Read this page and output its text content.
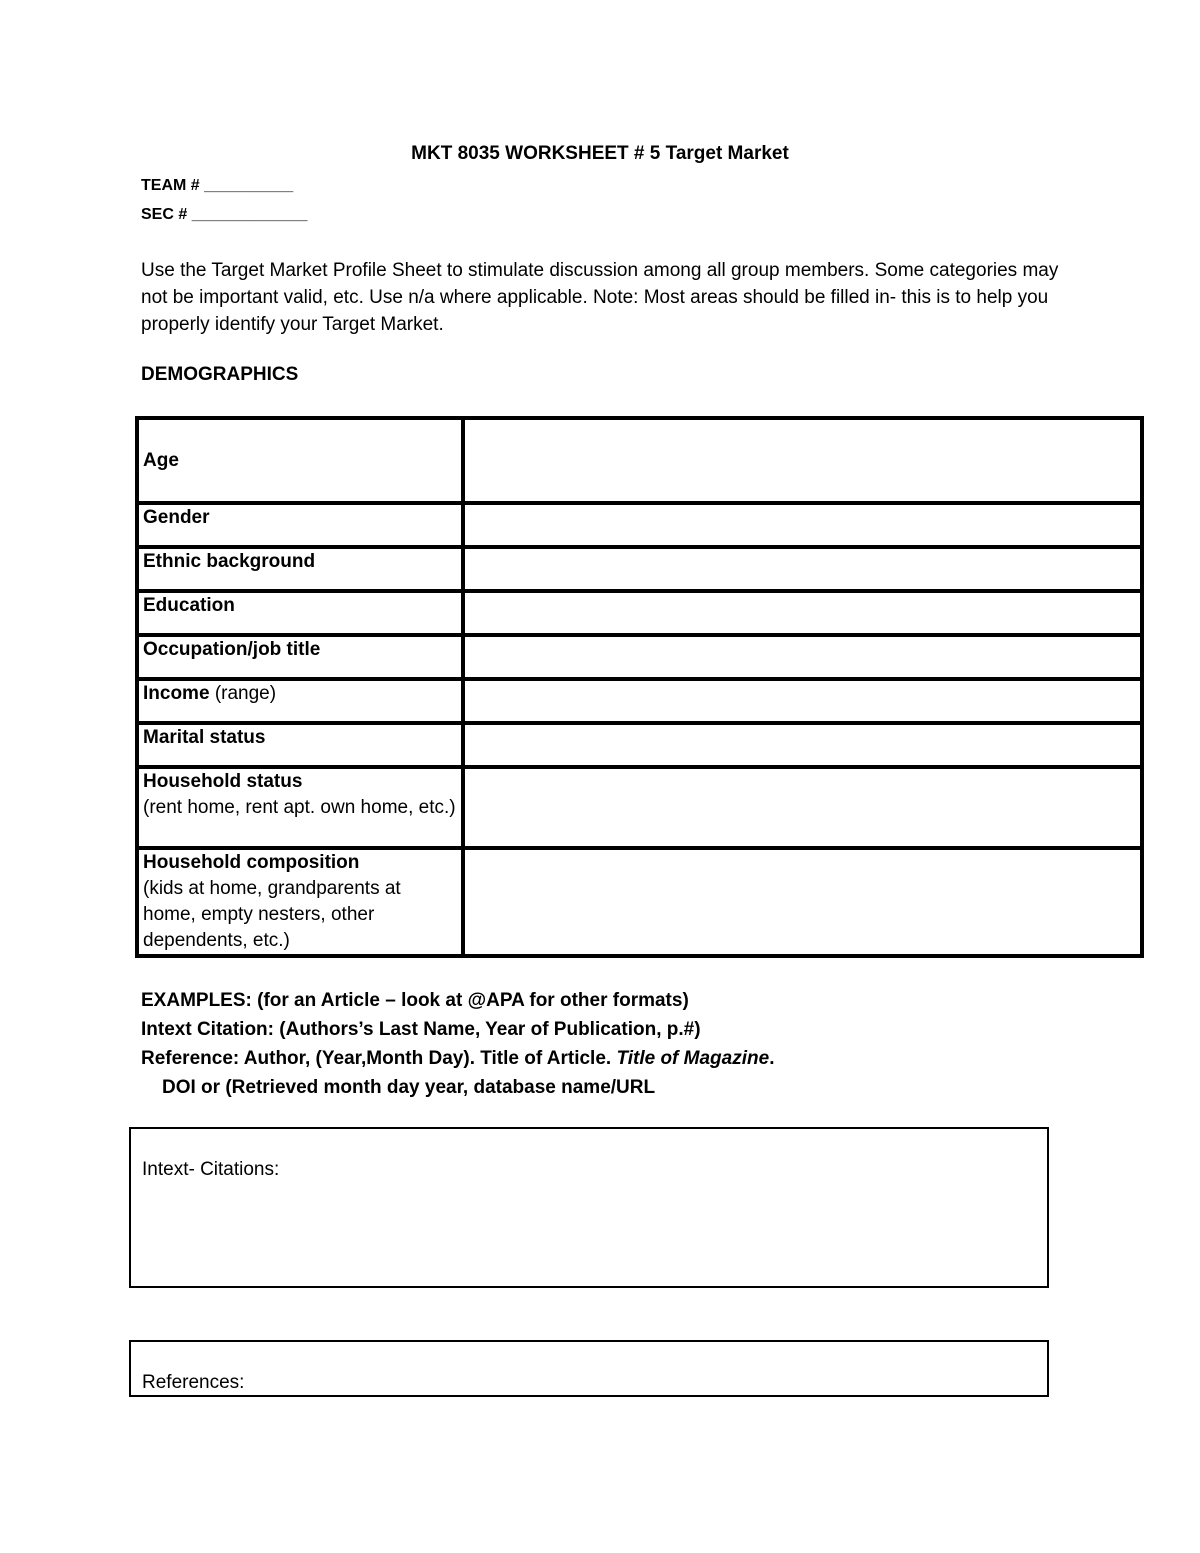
MKT 8035 WORKSHEET # 5 Target Market
TEAM # __________
SEC # _____________
Use the Target Market Profile Sheet to stimulate discussion among all group members. Some categories may not be important valid, etc. Use n/a where applicable. Note: Most areas should be filled in- this is to help you properly identify your Target Market.
DEMOGRAPHICS
Age	
Gender	
Ethnic background	
Education	
Occupation/job title	
Income (range)	
Marital status	

Household status
(rent home, rent apt. own home, etc.)	

Household composition
(kids at home, grandparents at home, empty nesters, other dependents, etc.)	

EXAMPLES: (for an Article – look at @APA for other formats)
Intext Citation: (Authors’s Last Name, Year of Publication, p.#)
Reference: Author, (Year,Month Day). Title of Article. Title of Magazine.
DOI or (Retrieved month day year, database name/URL
Intext- Citations:
References:
